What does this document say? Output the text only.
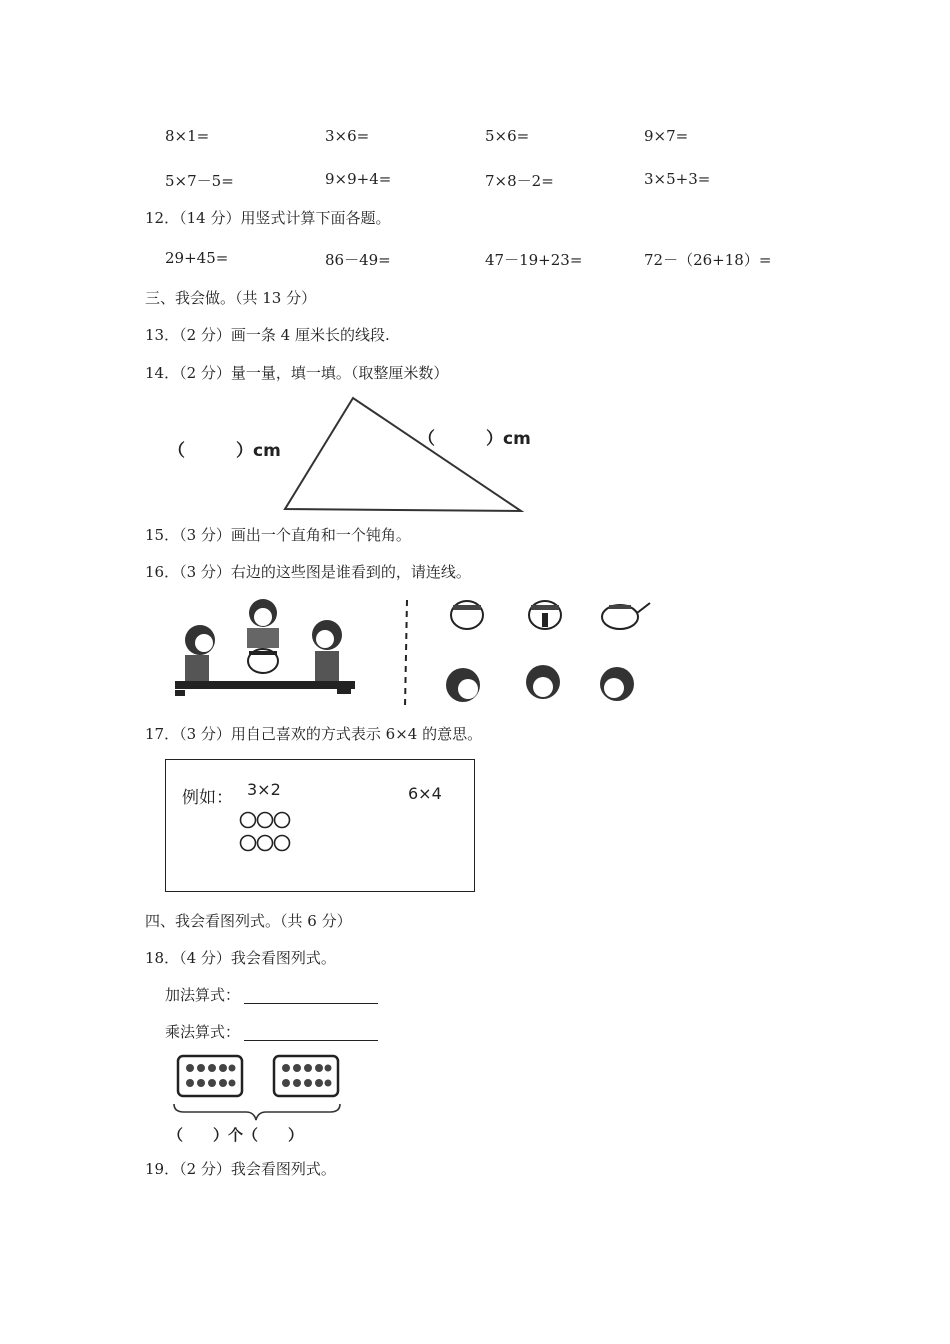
8×1=	3×6=	5×6=	9×7=
5×7－5=	9×9+4=	7×8－2=	3×5+3=
12．（14 分）用竖式计算下面各题。
29+45=	86－49=	47－19+23=	72－（26+18）=
三、我会做。（共 13 分）
13．（2 分）画一条 4 厘米长的线段.
14．（2 分）量一量，填一填。（取整厘米数）
（　　　）cm
（　　　）cm
15．（3 分）画出一个直角和一个钝角。
16．（3 分）右边的这些图是谁看到的，请连线。
17．（3 分）用自己喜欢的方式表示 6×4 的意思。
例如： 3×2	6×4
四、我会看图列式。（共 6 分）
18．（4 分）我会看图列式。
加法算式：
乘法算式：
（　　）个（　　）
19．（2 分）我会看图列式。
